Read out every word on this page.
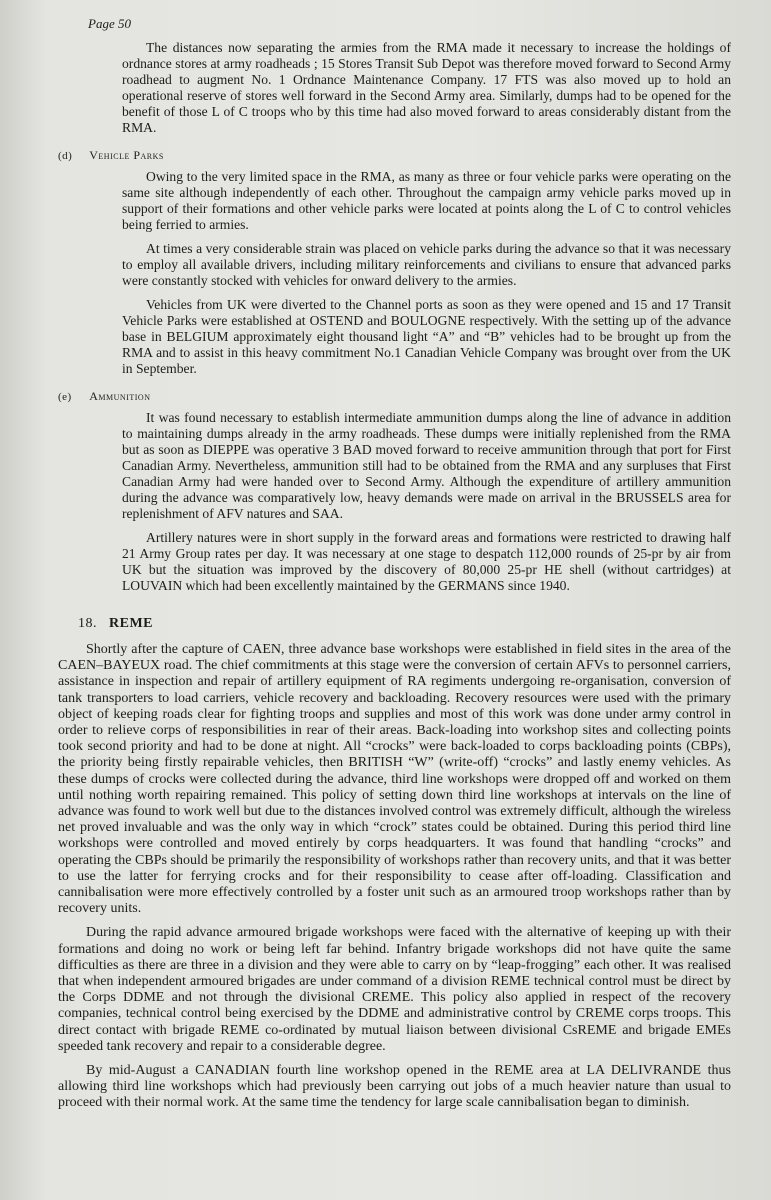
Page 50

The distances now separating the armies from the RMA made it necessary to increase the holdings of ordnance stores at army roadheads ; 15 Stores Transit Sub Depot was therefore moved forward to Second Army roadhead to augment No. 1 Ordnance Maintenance Company. 17 FTS was also moved up to hold an operational reserve of stores well forward in the Second Army area. Similarly, dumps had to be opened for the benefit of those L of C troops who by this time had also moved forward to areas considerably distant from the RMA.

(d) Vehicle Parks

Owing to the very limited space in the RMA, as many as three or four vehicle parks were operating on the same site although independently of each other. Throughout the campaign army vehicle parks moved up in support of their formations and other vehicle parks were located at points along the L of C to control vehicles being ferried to armies.

At times a very considerable strain was placed on vehicle parks during the advance so that it was necessary to employ all available drivers, including military reinforcements and civilians to ensure that advanced parks were constantly stocked with vehicles for onward delivery to the armies.

Vehicles from UK were diverted to the Channel ports as soon as they were opened and 15 and 17 Transit Vehicle Parks were established at OSTEND and BOULOGNE respectively. With the setting up of the advance base in BELGIUM approximately eight thousand light “A” and “B” vehicles had to be brought up from the RMA and to assist in this heavy commitment No.1 Canadian Vehicle Company was brought over from the UK in September.

(e) Ammunition

It was found necessary to establish intermediate ammunition dumps along the line of advance in addition to maintaining dumps already in the army roadheads. These dumps were initially replenished from the RMA but as soon as DIEPPE was operative 3 BAD moved forward to receive ammunition through that port for First Canadian Army. Nevertheless, ammunition still had to be obtained from the RMA and any surpluses that First Canadian Army had were handed over to Second Army. Although the expenditure of artillery ammunition during the advance was comparatively low, heavy demands were made on arrival in the BRUSSELS area for replenishment of AFV natures and SAA.

Artillery natures were in short supply in the forward areas and formations were restricted to drawing half 21 Army Group rates per day. It was necessary at one stage to despatch 112,000 rounds of 25-pr by air from UK but the situation was improved by the discovery of 80,000 25-pr HE shell (without cartridges) at LOUVAIN which had been excellently maintained by the GERMANS since 1940.

18. REME

Shortly after the capture of CAEN, three advance base workshops were established in field sites in the area of the CAEN–BAYEUX road. The chief commitments at this stage were the conversion of certain AFVs to personnel carriers, assistance in inspection and repair of artillery equipment of RA regiments undergoing re-organisation, conversion of tank transporters to load carriers, vehicle recovery and backloading. Recovery resources were used with the primary object of keeping roads clear for fighting troops and supplies and most of this work was done under army control in order to relieve corps of responsibilities in rear of their areas. Back-loading into workshop sites and collecting points took second priority and had to be done at night. All “crocks” were back-loaded to corps backloading points (CBPs), the priority being firstly repairable vehicles, then BRITISH “W” (write-off) “crocks” and lastly enemy vehicles. As these dumps of crocks were collected during the advance, third line workshops were dropped off and worked on them until nothing worth repairing remained. This policy of setting down third line workshops at intervals on the line of advance was found to work well but due to the distances involved control was extremely difficult, although the wireless net proved invaluable and was the only way in which “crock” states could be obtained. During this period third line workshops were controlled and moved entirely by corps headquarters. It was found that handling “crocks” and operating the CBPs should be primarily the responsibility of workshops rather than recovery units, and that it was better to use the latter for ferrying crocks and for their responsibility to cease after off-loading. Classification and cannibalisation were more effectively controlled by a foster unit such as an armoured troop workshops rather than by recovery units.

During the rapid advance armoured brigade workshops were faced with the alternative of keeping up with their formations and doing no work or being left far behind. Infantry brigade workshops did not have quite the same difficulties as there are three in a division and they were able to carry on by “leap-frogging” each other. It was realised that when independent armoured brigades are under command of a division REME technical control must be direct by the Corps DDME and not through the divisional CREME. This policy also applied in respect of the recovery companies, technical control being exercised by the DDME and administrative control by CREME corps troops. This direct contact with brigade REME co-ordinated by mutual liaison between divisional CsREME and brigade EMEs speeded tank recovery and repair to a considerable degree.

By mid-August a CANADIAN fourth line workshop opened in the REME area at LA DELIVRANDE thus allowing third line workshops which had previously been carrying out jobs of a much heavier nature than usual to proceed with their normal work. At the same time the tendency for large scale cannibalisation began to diminish.
